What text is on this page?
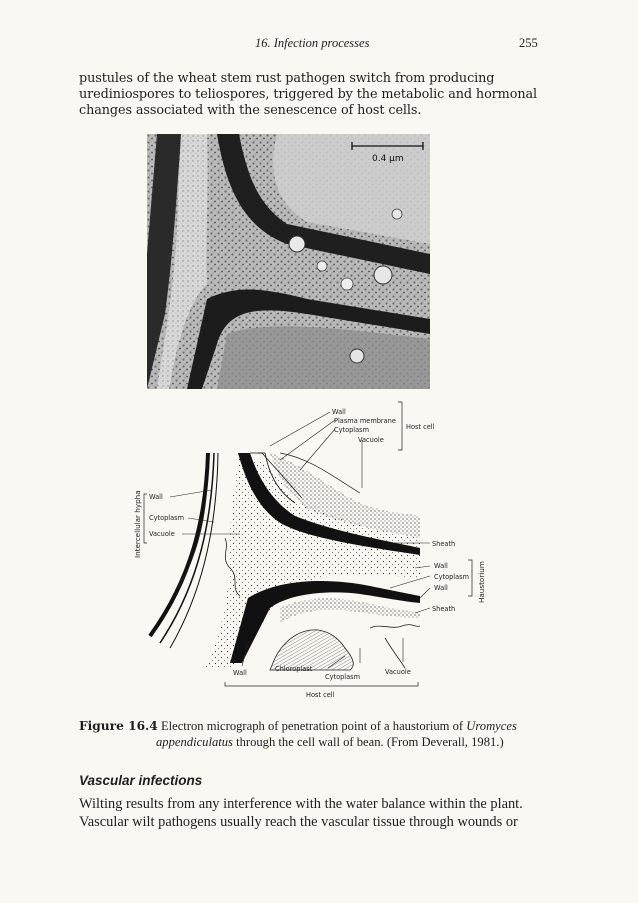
16. Infection processes	255
pustules of the wheat stem rust pathogen switch from producing urediniospores to teliospores, triggered by the metabolic and hormonal changes associated with the senescence of host cells.
0.4 µm
Wall
Plasma membrane
Cytoplasm
Vacuole
Host cell
Wall
Cytoplasm
Vacuole
Intercellular hypha	Sheath
Wall
Cytoplasm
Wall
Sheath
Haustorium
Wall	Chloroplast
Cytoplasm
Vacuole
Host cell
Figure 16.4 Electron micrograph of penetration point of a haustorium of Uromyces
appendiculatus through the cell wall of bean. (From Deverall, 1981.)
Vascular infections
Wilting results from any interference with the water balance within the plant. Vascular wilt pathogens usually reach the vascular tissue through wounds or
